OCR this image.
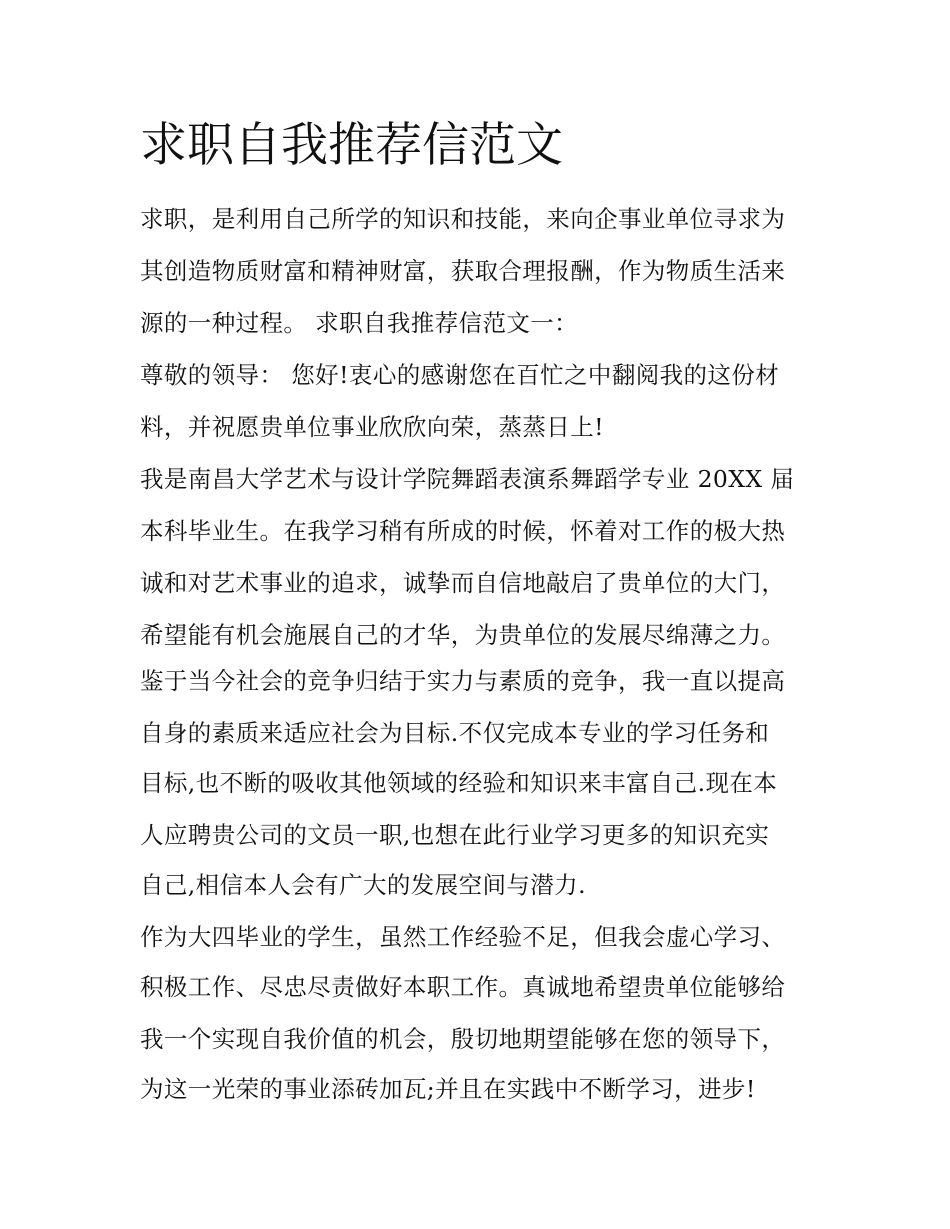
求职自我推荐信范文

求职，是利用自己所学的知识和技能，来向企事业单位寻求为

其创造物质财富和精神财富，获取合理报酬，作为物质生活来

源的一种过程。 求职自我推荐信范文一：

尊敬的领导： 您好!衷心的感谢您在百忙之中翻阅我的这份材

料，并祝愿贵单位事业欣欣向荣，蒸蒸日上!

我是南昌大学艺术与设计学院舞蹈表演系舞蹈学专业 20XX 届

本科毕业生。在我学习稍有所成的时候，怀着对工作的极大热

诚和对艺术事业的追求，诚挚而自信地敲启了贵单位的大门，

希望能有机会施展自己的才华，为贵单位的发展尽绵薄之力。

鉴于当今社会的竞争归结于实力与素质的竞争，我一直以提高

自身的素质来适应社会为目标.不仅完成本专业的学习任务和

目标,也不断的吸收其他领域的经验和知识来丰富自己.现在本

人应聘贵公司的文员一职,也想在此行业学习更多的知识充实

自己,相信本人会有广大的发展空间与潜力.

作为大四毕业的学生，虽然工作经验不足，但我会虚心学习、

积极工作、尽忠尽责做好本职工作。真诚地希望贵单位能够给

我一个实现自我价值的机会，殷切地期望能够在您的领导下，

为这一光荣的事业添砖加瓦;并且在实践中不断学习，进步!
